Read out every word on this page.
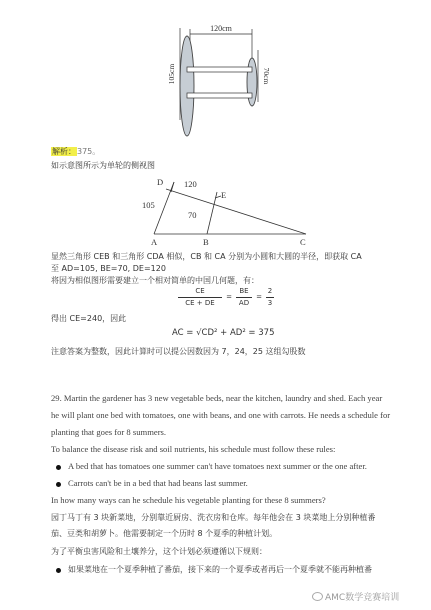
120cm
105cm	70cm
解析：375。
如示意图所示为单轮的侧视图
D
E
A	B	C
120
105
70
显然三角形 CEB 和三角形 CDA 相似，CB 和 CA 分别为小圆和大圆的半径，即获取 CA
至 AD=105, BE=70, DE=120
将因为相似图形需要建立一个相对简单的中国几何题，有：
CE
CE + DE
=
BE
AD
=
2
3
得出 CE=240，因此
AC = √CD² + AD² = 375
注意答案为整数，因此计算时可以提公因数因为 7，24，25 这组勾股数
29. Martin the gardener has 3 new vegetable beds, near the kitchen, laundry and shed. Each year
he will plant one bed with tomatoes, one with beans, and one with carrots. He needs a schedule for
planting that goes for 8 summers.
To balance the disease risk and soil nutrients, his schedule must follow these rules:
A bed that has tomatoes one summer can't have tomatoes next summer or the one after.
Carrots can't be in a bed that had beans last summer.
In how many ways can he schedule his vegetable planting for these 8 summers?
园丁马丁有 3 块新菜地，分别靠近厨房、洗衣房和仓库。每年他会在 3 块菜地上分别种植番
茄、豆类和胡萝卜。他需要制定一个历时 8 个夏季的种植计划。
为了平衡虫害风险和土壤养分，这个计划必须遵循以下规则：
如果菜地在一个夏季种植了番茄，接下来的一个夏季或者再后一个夏季就不能再种植番
AMC数学竞赛培训
